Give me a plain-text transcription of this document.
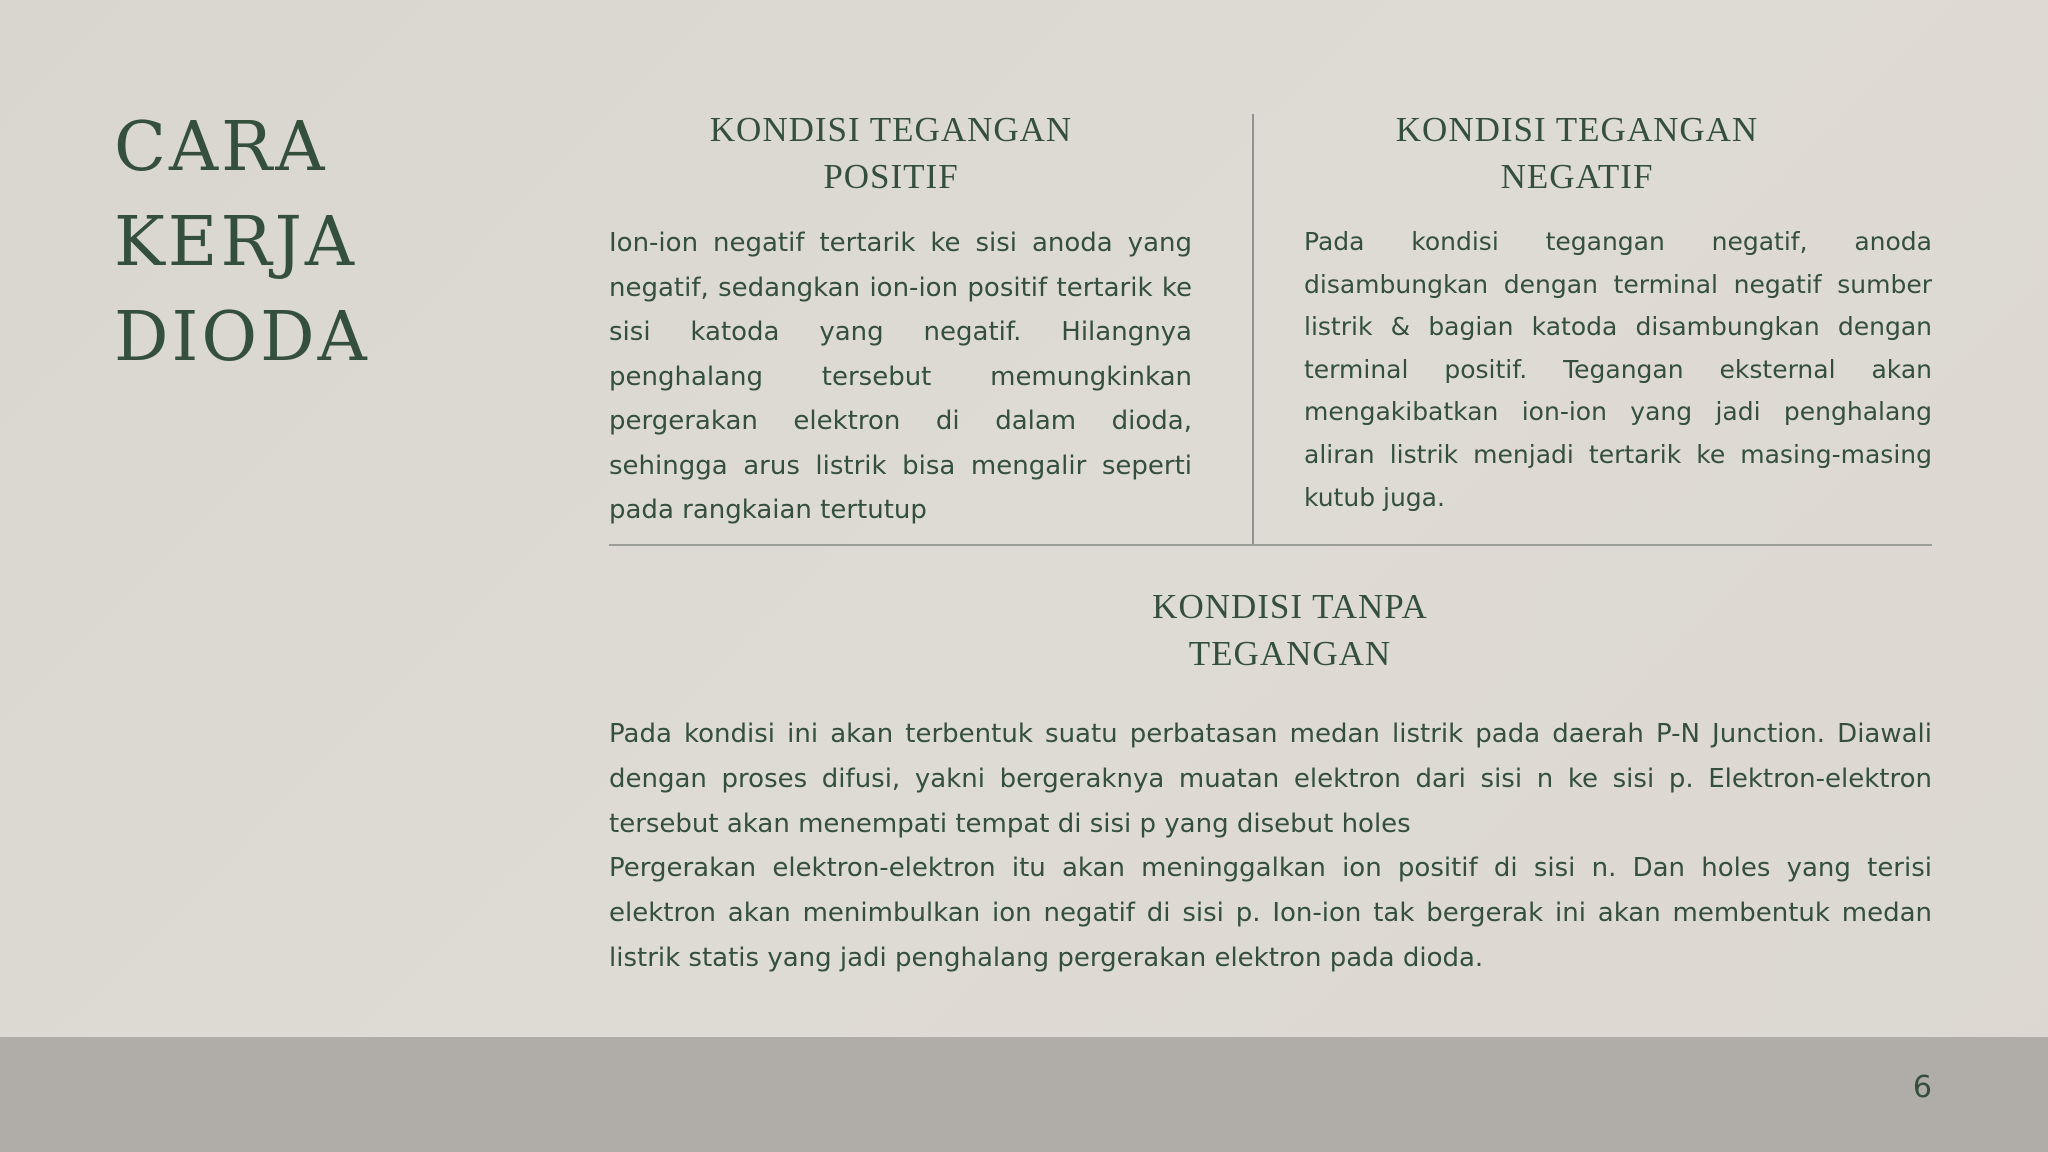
CARA
KERJA
DIODA
KONDISI TEGANGAN
POSITIF

Ion-ion negatif tertarik ke sisi anoda yang negatif, sedangkan ion-ion positif tertarik ke sisi katoda yang negatif. Hilangnya penghalang tersebut memungkinkan pergerakan elektron di dalam dioda, sehingga arus listrik bisa mengalir seperti pada rangkaian tertutup

KONDISI TEGANGAN
NEGATIF

Pada kondisi tegangan negatif, anoda disambungkan dengan terminal negatif sumber listrik & bagian katoda disambungkan dengan terminal positif. Tegangan eksternal akan mengakibatkan ion-ion yang jadi penghalang aliran listrik menjadi tertarik ke masing-masing kutub juga.

KONDISI TANPA
TEGANGAN

Pada kondisi ini akan terbentuk suatu perbatasan medan listrik pada daerah P-N Junction. Diawali dengan proses difusi, yakni bergeraknya muatan elektron dari sisi n ke sisi p. Elektron-elektron tersebut akan menempati tempat di sisi p yang disebut holes

Pergerakan elektron-elektron itu akan meninggalkan ion positif di sisi n. Dan holes yang terisi elektron akan menimbulkan ion negatif di sisi p. Ion-ion tak bergerak ini akan membentuk medan listrik statis yang jadi penghalang pergerakan elektron pada dioda.

6
